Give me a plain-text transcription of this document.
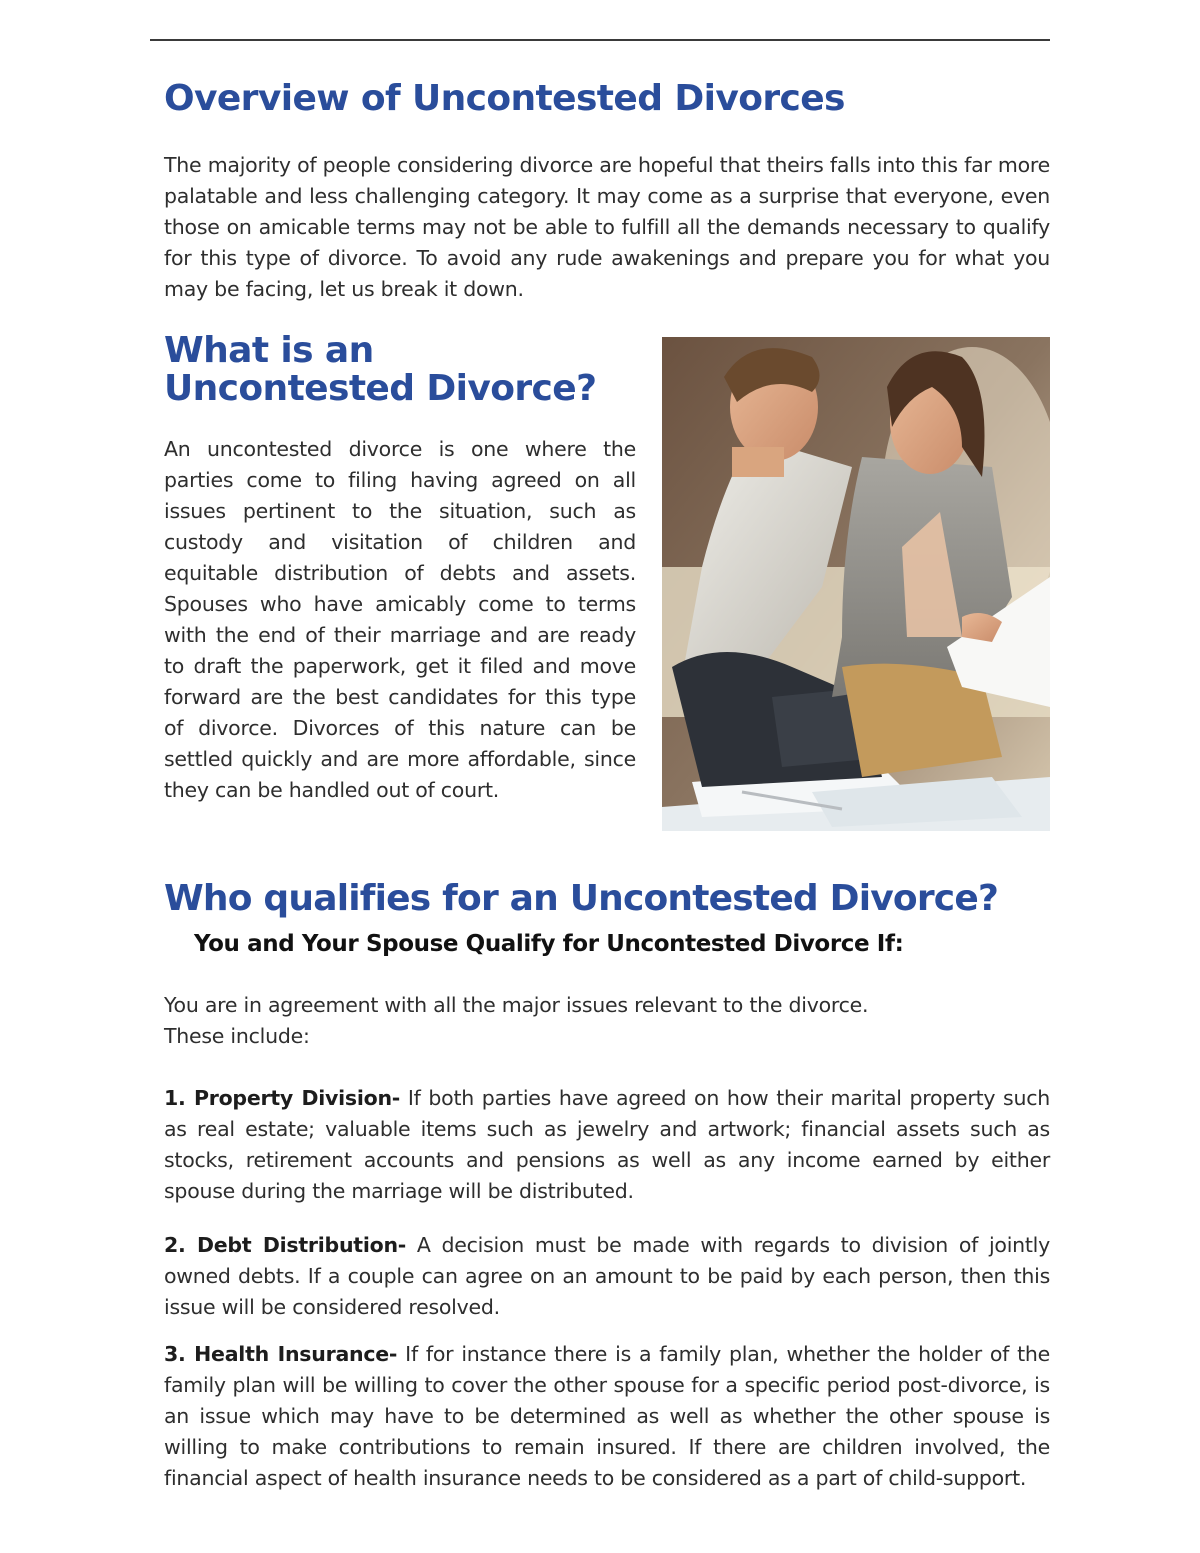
Overview of Uncontested Divorces

The majority of people considering divorce are hopeful that theirs falls into this far more palatable and less challenging category. It may come as a surprise that everyone, even those on amicable terms may not be able to fulfill all the demands necessary to qualify for this type of divorce. To avoid any rude awakenings and prepare you for what you may be facing, let us break it down.

What is an
Uncontested Divorce?

An uncontested divorce is one where the parties come to filing having agreed on all issues pertinent to the situation, such as custody and visitation of children and equitable distribution of debts and assets. Spouses who have amicably come to terms with the end of their marriage and are ready to draft the paperwork, get it filed and move forward are the best candidates for this type of divorce. Divorces of this nature can be settled quickly and are more affordable, since they can be handled out of court.

Who qualifies for an Uncontested Divorce?
You and Your Spouse Qualify for Uncontested Divorce If:

You are in agreement with all the major issues relevant to the divorce.
These include:

1. Property Division- If both parties have agreed on how their marital property such as real estate; valuable items such as jewelry and artwork; financial assets such as stocks, retirement accounts and pensions as well as any income earned by either spouse during the marriage will be distributed.

2. Debt Distribution- A decision must be made with regards to division of jointly owned debts. If a couple can agree on an amount to be paid by each person, then this issue will be considered resolved.

3. Health Insurance- If for instance there is a family plan, whether the holder of the family plan will be willing to cover the other spouse for a specific period post-divorce, is an issue which may have to be determined as well as whether the other spouse is willing to make contributions to remain insured. If there are children involved, the financial aspect of health insurance needs to be considered as a part of child-support.
